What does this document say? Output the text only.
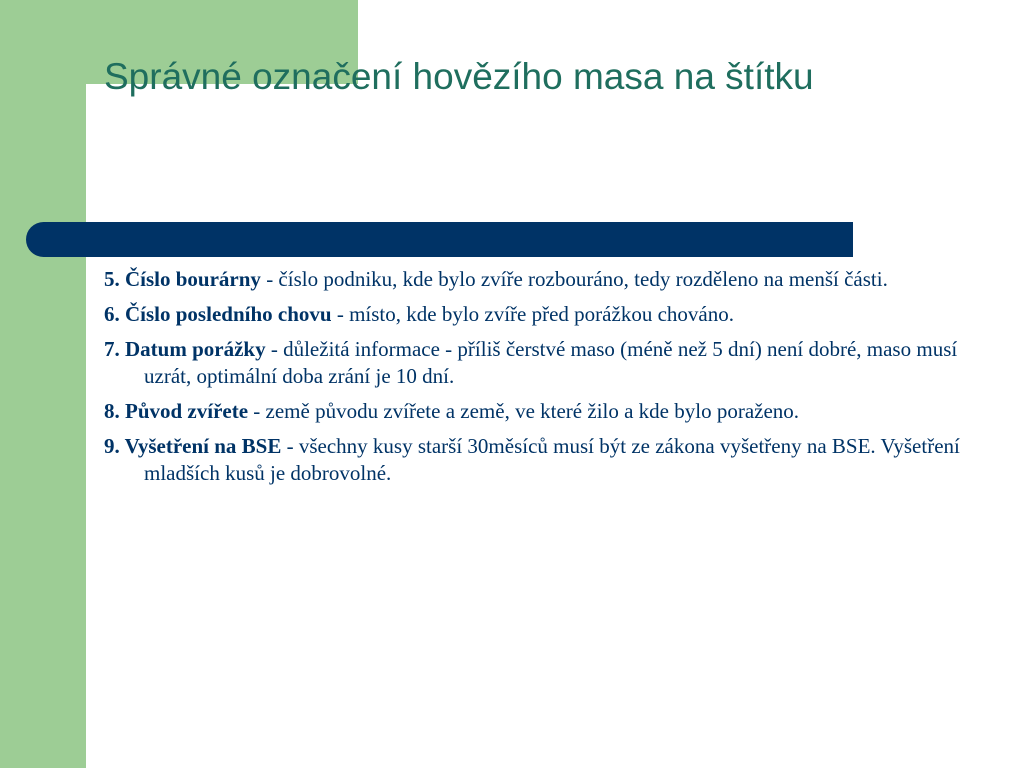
Správné označení hovězího masa na štítku
5. Číslo bourárny - číslo podniku, kde bylo zvíře rozbouráno, tedy rozděleno na menší části.
6. Číslo posledního chovu - místo, kde bylo zvíře před porážkou chováno.
7. Datum porážky - důležitá informace - příliš čerstvé maso (méně než 5 dní) není dobré, maso musí uzrát, optimální doba zrání je 10 dní.
8. Původ zvířete - země původu zvířete a země, ve které žilo a kde bylo poraženo.
9. Vyšetření na BSE - všechny kusy starší 30měsíců musí být ze zákona vyšetřeny na BSE. Vyšetření mladších kusů je dobrovolné.
